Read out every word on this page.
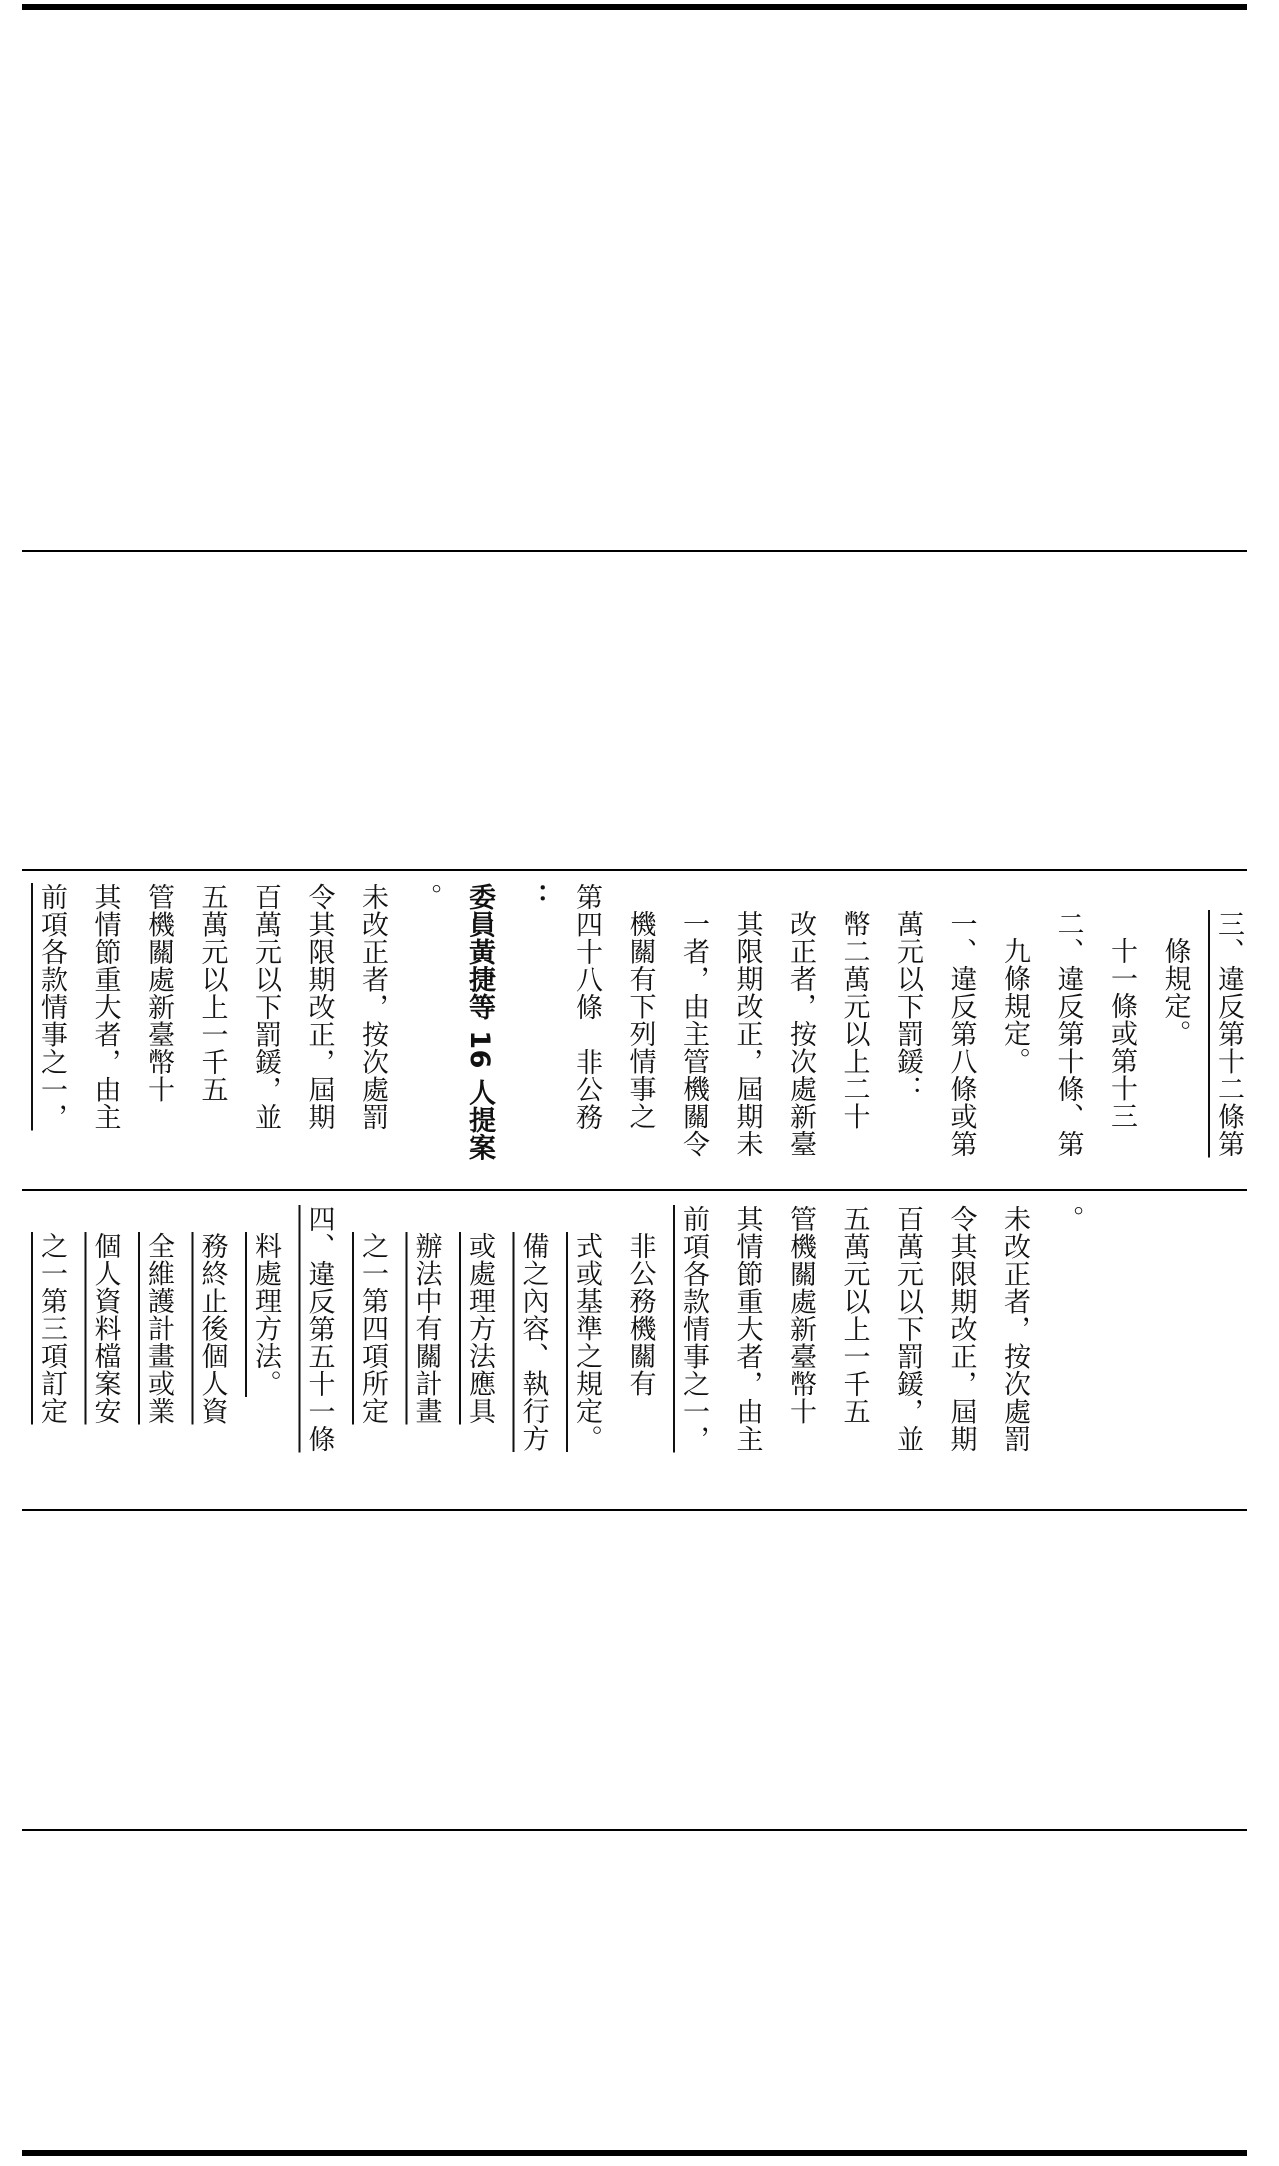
前項各款情事之一， 其情節重大者，由主 管機關處新臺幣十 五萬元以上一千五 百萬元以下罰鍰，並 令其限期改正，屆期 未改正者，按次處罰 。 委員黃捷等 16 人提案 ： 第四十八條　非公務 機關有下列情事之 一者，由主管機關令 其限期改正，屆期未 改正者，按次處新臺 幣二萬元以上二十 萬元以下罰鍰： 一、違反第八條或第 九條規定。 二、違反第十條、第 十一條或第十三 條規定。 三、違反第十二條第
之一第三項訂定 個人資料檔案安 全維護計畫或業 務終止後個人資 料處理方法。 四、違反第五十一條 之一第四項所定 辦法中有關計畫 或處理方法應具 備之內容、執行方 式或基準之規定。 非公務機關有 前項各款情事之一， 其情節重大者，由主 管機關處新臺幣十 五萬元以上一千五 百萬元以下罰鍰，並 令其限期改正，屆期 未改正者，按次處罰 。
